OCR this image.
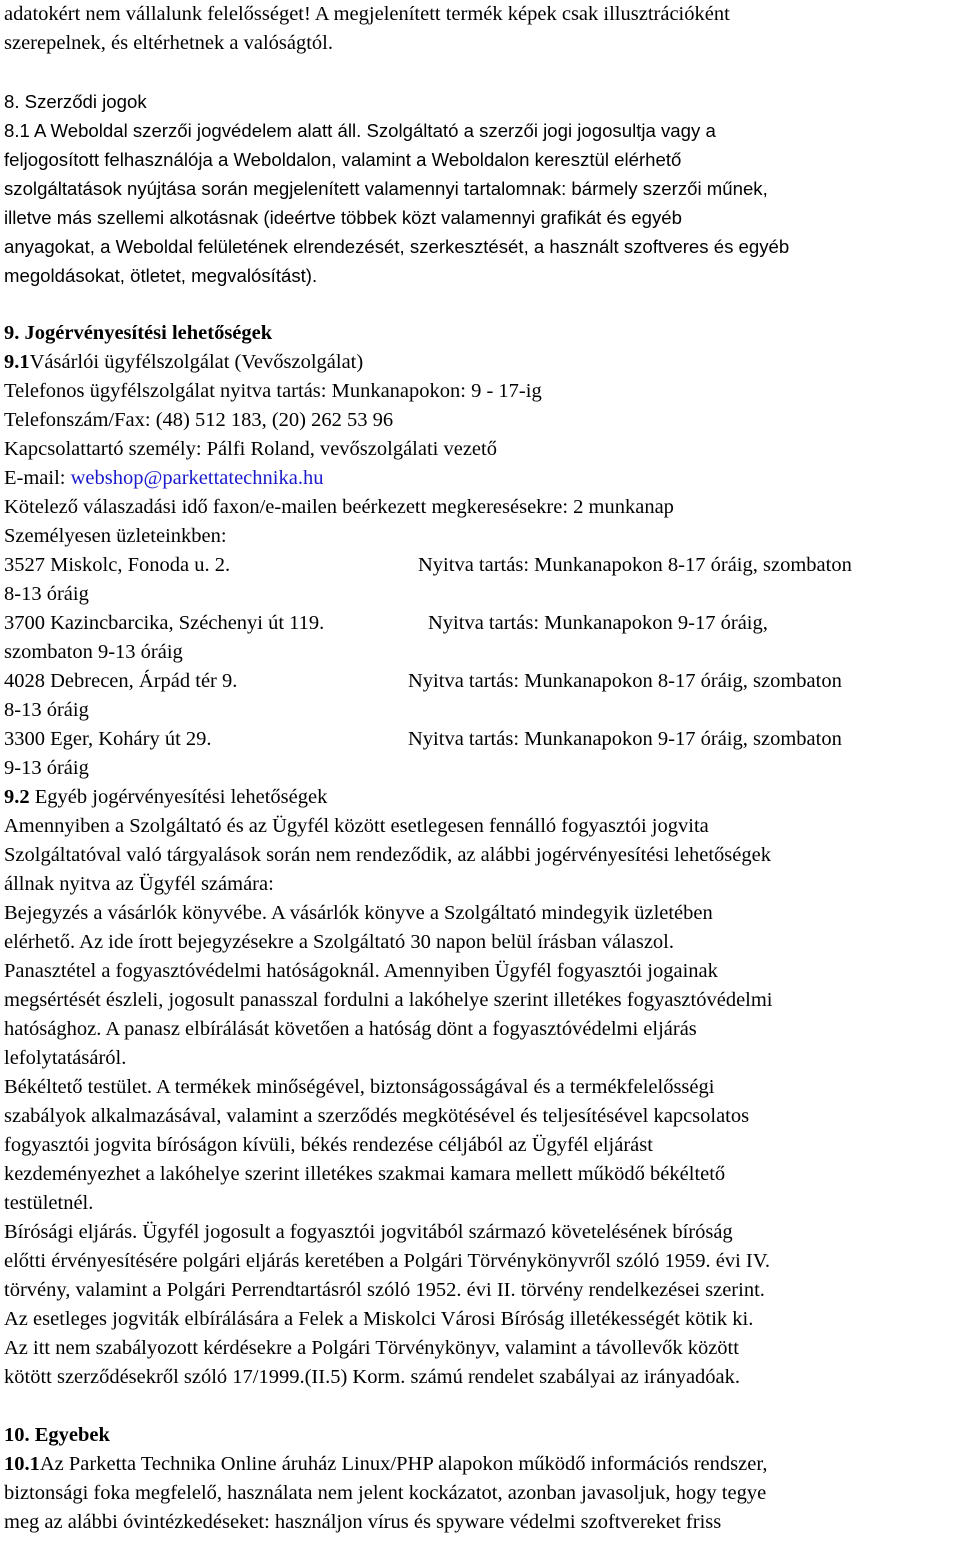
adatokért nem vállalunk felelősséget! A megjelenített termék képek csak illusztrációként
szerepelnek, és eltérhetnek a valóságtól.
8. Szerződi jogok
8.1 A Weboldal szerzői jogvédelem alatt áll. Szolgáltató a szerzői jogi jogosultja vagy a
feljogosított felhasználója a Weboldalon, valamint a Weboldalon keresztül elérhető
szolgáltatások nyújtása során megjelenített valamennyi tartalomnak: bármely szerzői műnek,
illetve más szellemi alkotásnak (ideértve többek közt valamennyi grafikát és egyéb
anyagokat, a Weboldal felületének elrendezését, szerkesztését, a használt szoftveres és egyéb
megoldásokat, ötletet, megvalósítást).
9. Jogérvényesítési lehetőségek
9.1Vásárlói ügyfélszolgálat (Vevőszolgálat)
Telefonos ügyfélszolgálat nyitva tartás: Munkanapokon: 9 - 17-ig
Telefonszám/Fax: (48) 512 183, (20) 262 53 96
Kapcsolattartó személy: Pálfi Roland, vevőszolgálati vezető
E-mail: webshop@parkettatechnika.hu
Kötelező válaszadási idő faxon/e-mailen beérkezett megkeresésekre: 2 munkanap
Személyesen üzleteinkben:
3527 Miskolc, Fonoda u. 2.	Nyitva tartás: Munkanapokon 8-17 óráig, szombaton
8-13 óráig
3700 Kazincbarcika, Széchenyi út 119.	Nyitva tartás: Munkanapokon 9-17 óráig,
szombaton 9-13 óráig
4028 Debrecen, Árpád tér 9.	Nyitva tartás: Munkanapokon 8-17 óráig, szombaton
8-13 óráig
3300 Eger, Koháry út 29.	Nyitva tartás: Munkanapokon 9-17 óráig, szombaton
9-13 óráig
9.2 Egyéb jogérvényesítési lehetőségek
Amennyiben a Szolgáltató és az Ügyfél között esetlegesen fennálló fogyasztói jogvita
Szolgáltatóval való tárgyalások során nem rendeződik, az alábbi jogérvényesítési lehetőségek
állnak nyitva az Ügyfél számára:
Bejegyzés a vásárlók könyvébe. A vásárlók könyve a Szolgáltató mindegyik üzletében
elérhető. Az ide írott bejegyzésekre a Szolgáltató 30 napon belül írásban válaszol.
Panasztétel a fogyasztóvédelmi hatóságoknál. Amennyiben Ügyfél fogyasztói jogainak
megsértését észleli, jogosult panasszal fordulni a lakóhelye szerint illetékes fogyasztóvédelmi
hatósághoz. A panasz elbírálását követően a hatóság dönt a fogyasztóvédelmi eljárás
lefolytatásáról.
Békéltető testület. A termékek minőségével, biztonságosságával és a termékfelelősségi
szabályok alkalmazásával, valamint a szerződés megkötésével és teljesítésével kapcsolatos
fogyasztói jogvita bíróságon kívüli, békés rendezése céljából az Ügyfél eljárást
kezdeményezhet a lakóhelye szerint illetékes szakmai kamara mellett működő békéltető
testületnél.
Bírósági eljárás. Ügyfél jogosult a fogyasztói jogvitából származó követelésének bíróság
előtti érvényesítésére polgári eljárás keretében a Polgári Törvénykönyvről szóló 1959. évi IV.
törvény, valamint a Polgári Perrendtartásról szóló 1952. évi II. törvény rendelkezései szerint.
Az esetleges jogviták elbírálására a Felek a Miskolci Városi Bíróság illetékességét kötik ki.
Az itt nem szabályozott kérdésekre a Polgári Törvénykönyv, valamint a távollevők között
kötött szerződésekről szóló 17/1999.(II.5) Korm. számú rendelet szabályai az irányadóak.
10. Egyebek
10.1Az Parketta Technika Online áruház Linux/PHP alapokon működő információs rendszer,
biztonsági foka megfelelő, használata nem jelent kockázatot, azonban javasoljuk, hogy tegye
meg az alábbi óvintézkedéseket: használjon vírus és spyware védelmi szoftvereket friss
